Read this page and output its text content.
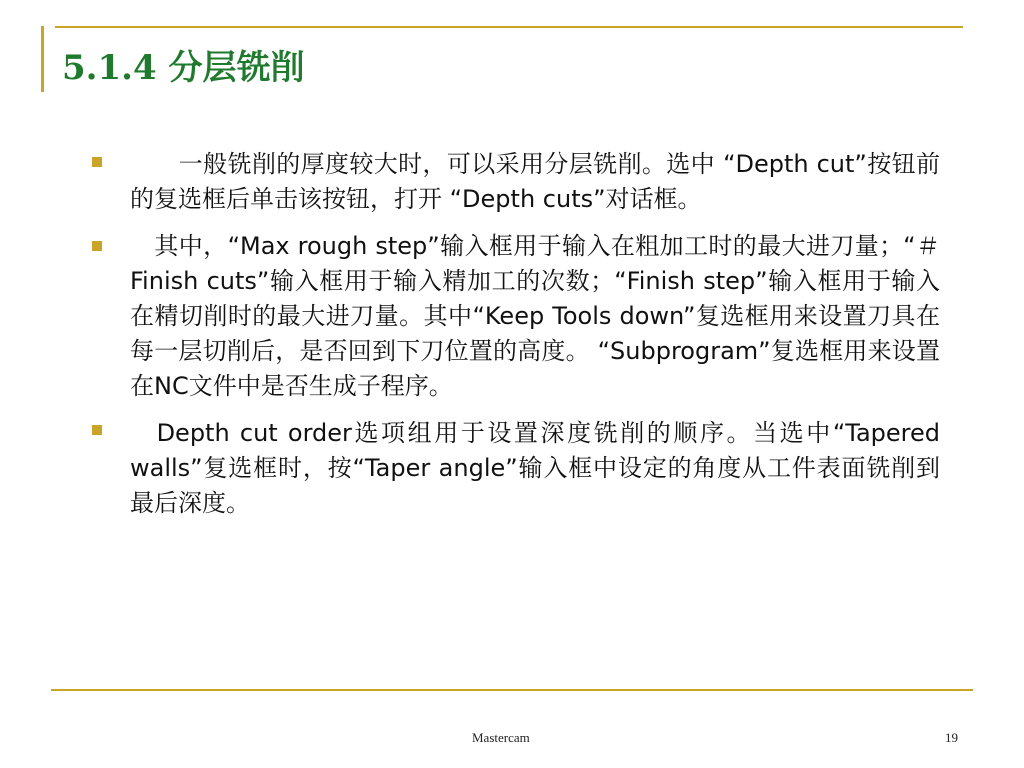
5.1.4 分层铣削
　　一般铣削的厚度较大时，可以采用分层铣削。选中 “Depth cut”按钮前的复选框后单击该按钮，打开 “Depth cuts”对话框。
　其中，“Max rough step”输入框用于输入在粗加工时的最大进刀量；“＃Finish cuts”输入框用于输入精加工的次数；“Finish step”输入框用于输入在精切削时的最大进刀量。其中“Keep Tools down”复选框用来设置刀具在每一层切削后，是否回到下刀位置的高度。 “Subprogram”复选框用来设置在NC文件中是否生成子程序。
　Depth cut order选项组用于设置深度铣削的顺序。当选中“Tapered walls”复选框时，按“Taper angle”输入框中设定的角度从工件表面铣削到最后深度。
Mastercam	19
